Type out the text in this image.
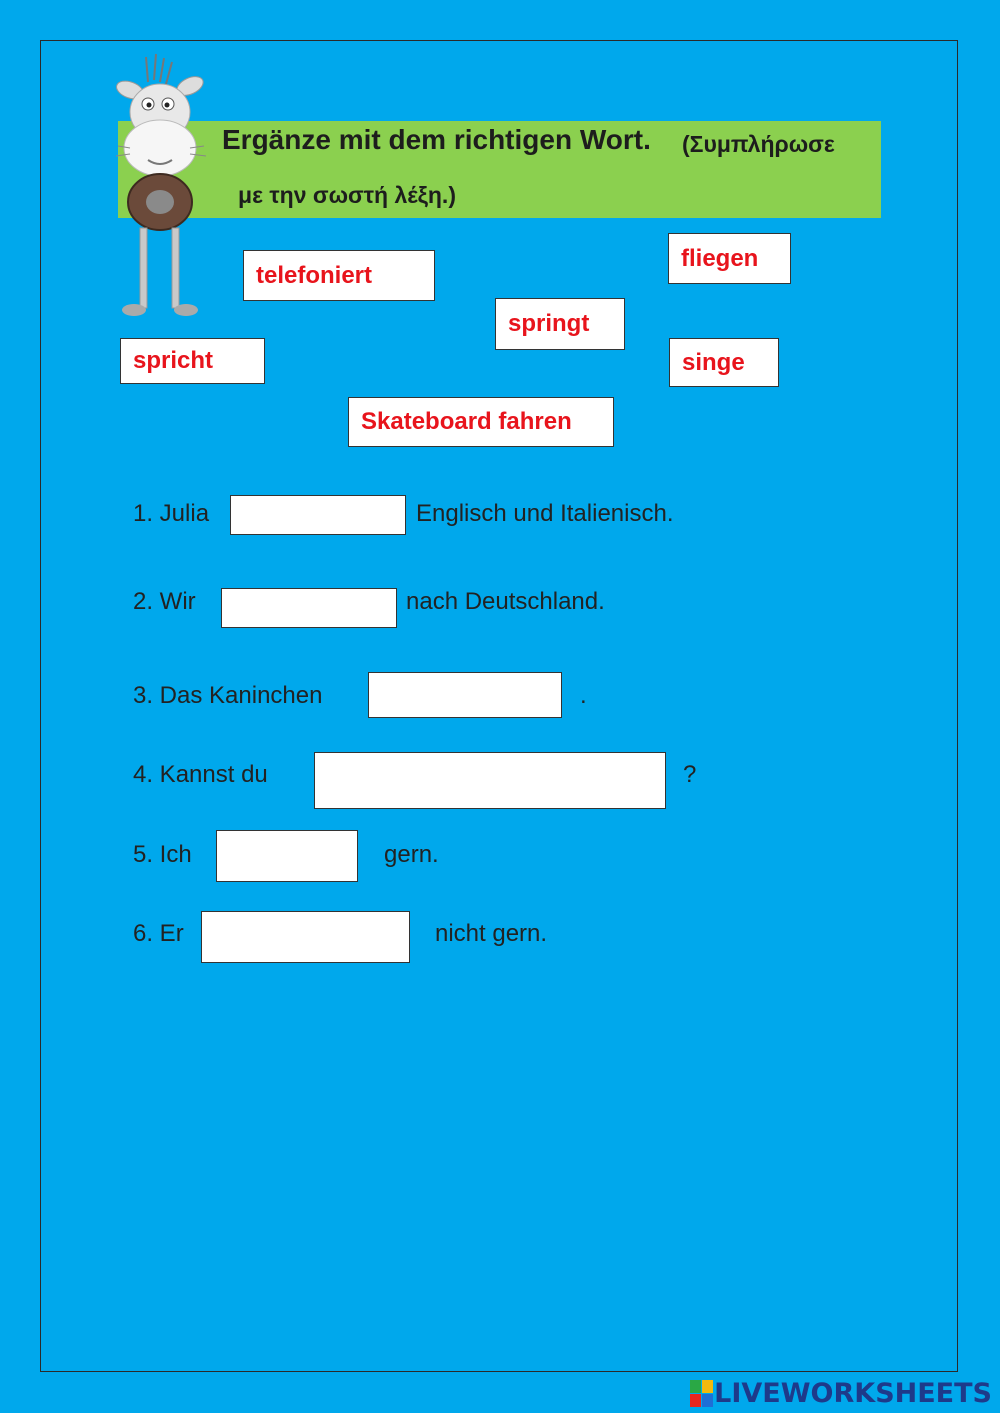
Ergänze mit dem richtigen Wort. (Συμπλήρωσε
με την σωστή λέξη.)
telefoniert
fliegen
springt
spricht	singe
Skateboard fahren
1. Julia	Englisch und Italienisch.
2. Wir	nach Deutschland.
3. Das Kaninchen	.
4. Kannst du	?
5. Ich	gern.
6. Er	nicht gern.
LIVEWORKSHEETS
